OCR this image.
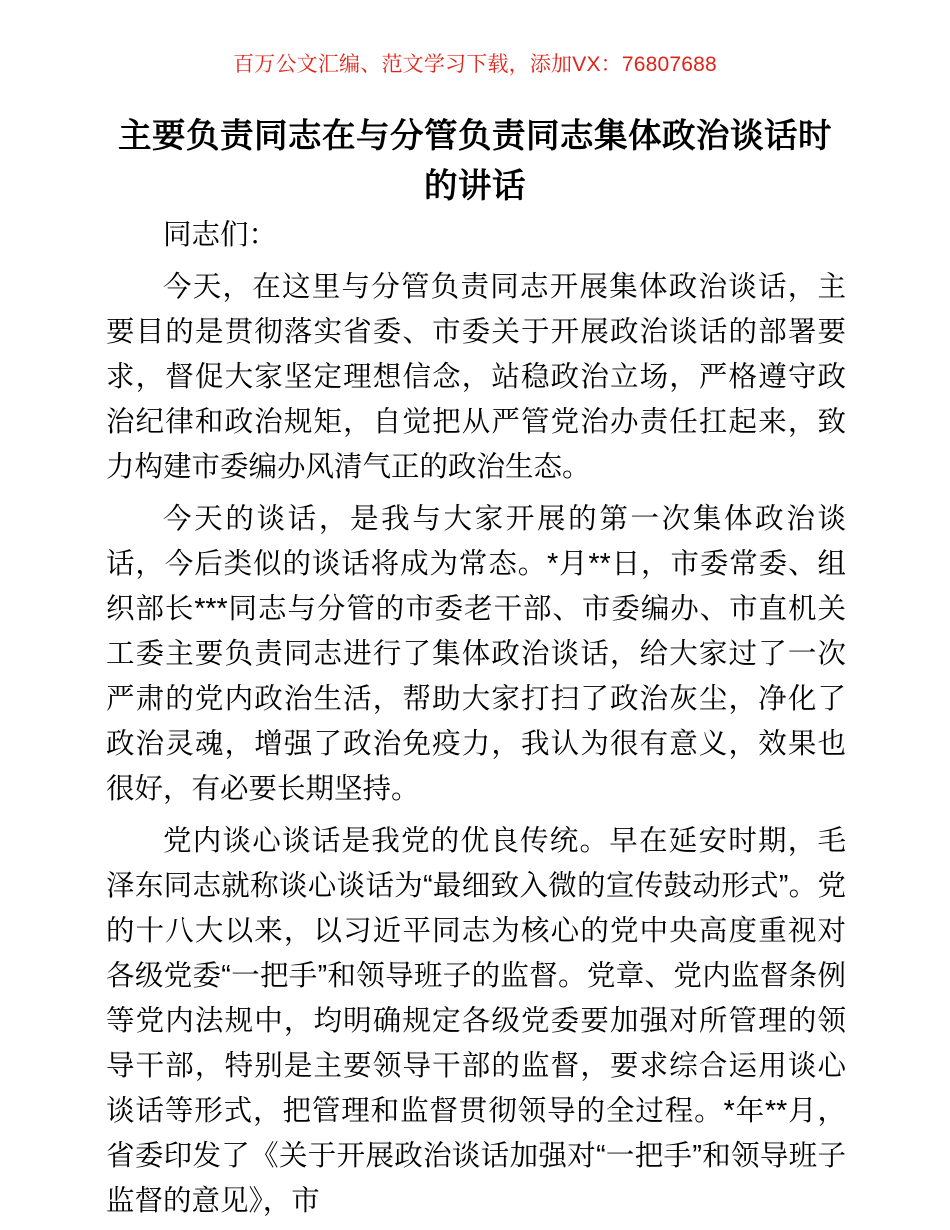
百万公文汇编、范文学习下载，添加VX：76807688
主要负责同志在与分管负责同志集体政治谈话时的讲话

同志们：

今天，在这里与分管负责同志开展集体政治谈话，主要目的是贯彻落实省委、市委关于开展政治谈话的部署要求，督促大家坚定理想信念，站稳政治立场，严格遵守政治纪律和政治规矩，自觉把从严管党治办责任扛起来，致力构建市委编办风清气正的政治生态。

今天的谈话，是我与大家开展的第一次集体政治谈话，今后类似的谈话将成为常态。*月**日，市委常委、组织部长***同志与分管的市委老干部、市委编办、市直机关工委主要负责同志进行了集体政治谈话，给大家过了一次严肃的党内政治生活，帮助大家打扫了政治灰尘，净化了政治灵魂，增强了政治免疫力，我认为很有意义，效果也很好，有必要长期坚持。

党内谈心谈话是我党的优良传统。早在延安时期，毛泽东同志就称谈心谈话为“最细致入微的宣传鼓动形式”。党的十八大以来，以习近平同志为核心的党中央高度重视对各级党委“一把手”和领导班子的监督。党章、党内监督条例等党内法规中，均明确规定各级党委要加强对所管理的领导干部，特别是主要领导干部的监督，要求综合运用谈心谈话等形式，把管理和监督贯彻领导的全过程。*年**月，省委印发了《关于开展政治谈话加强对“一把手”和领导班子监督的意见》，市
